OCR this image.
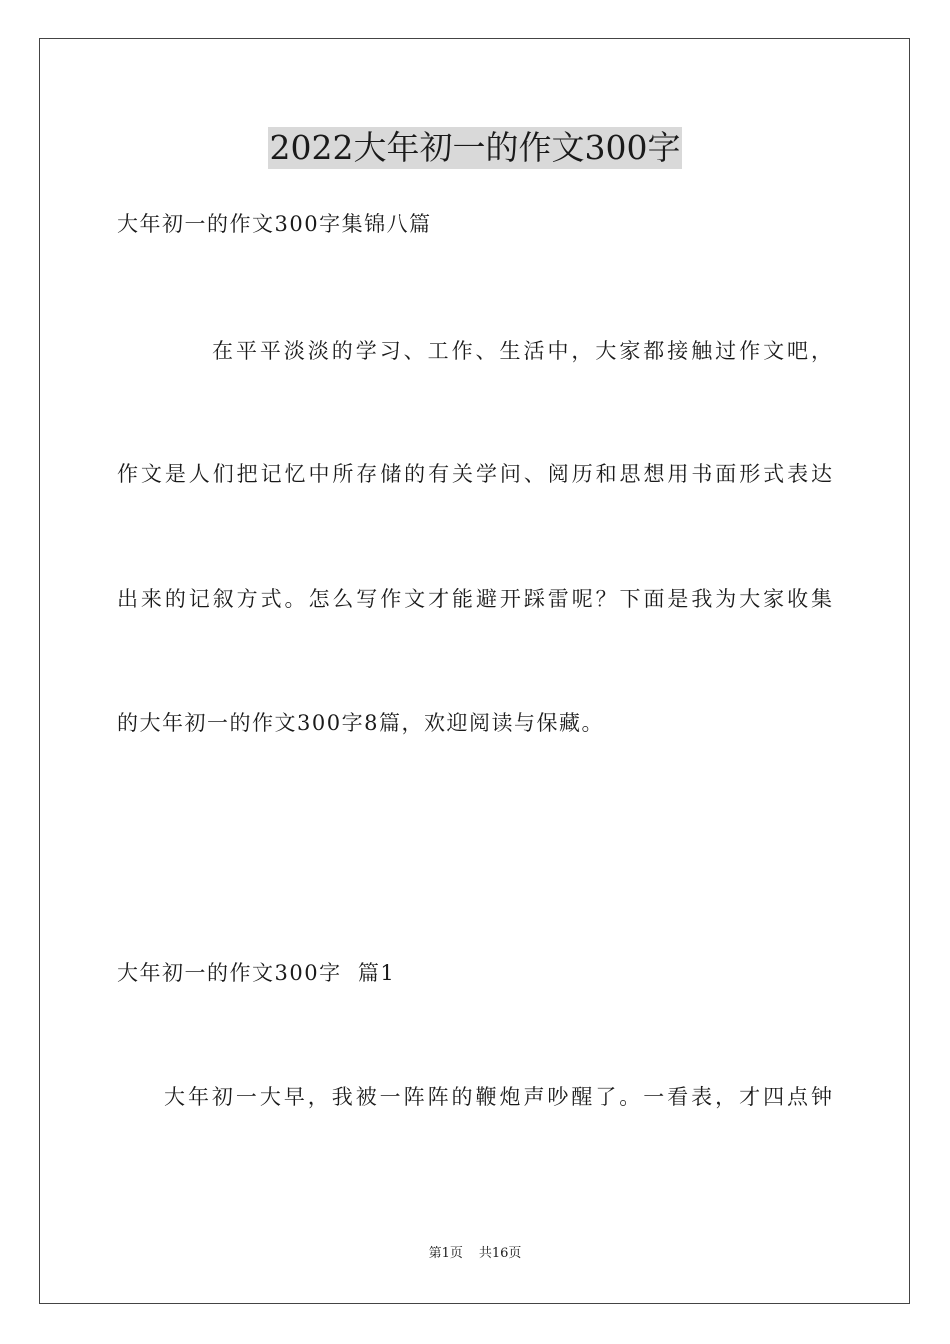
2022大年初一的作文300字
大年初一的作文300字集锦八篇
在平平淡淡的学习、工作、生活中，大家都接触过作文吧，
作文是人们把记忆中所存储的有关学问、阅历和思想用书面形式表达
出来的记叙方式。怎么写作文才能避开踩雷呢？下面是我为大家收集
的大年初一的作文300字8篇，欢迎阅读与保藏。
大年初一的作文300字  篇1
大年初一大早，我被一阵阵的鞭炮声吵醒了。一看表，才四点钟
第1页 共16页
